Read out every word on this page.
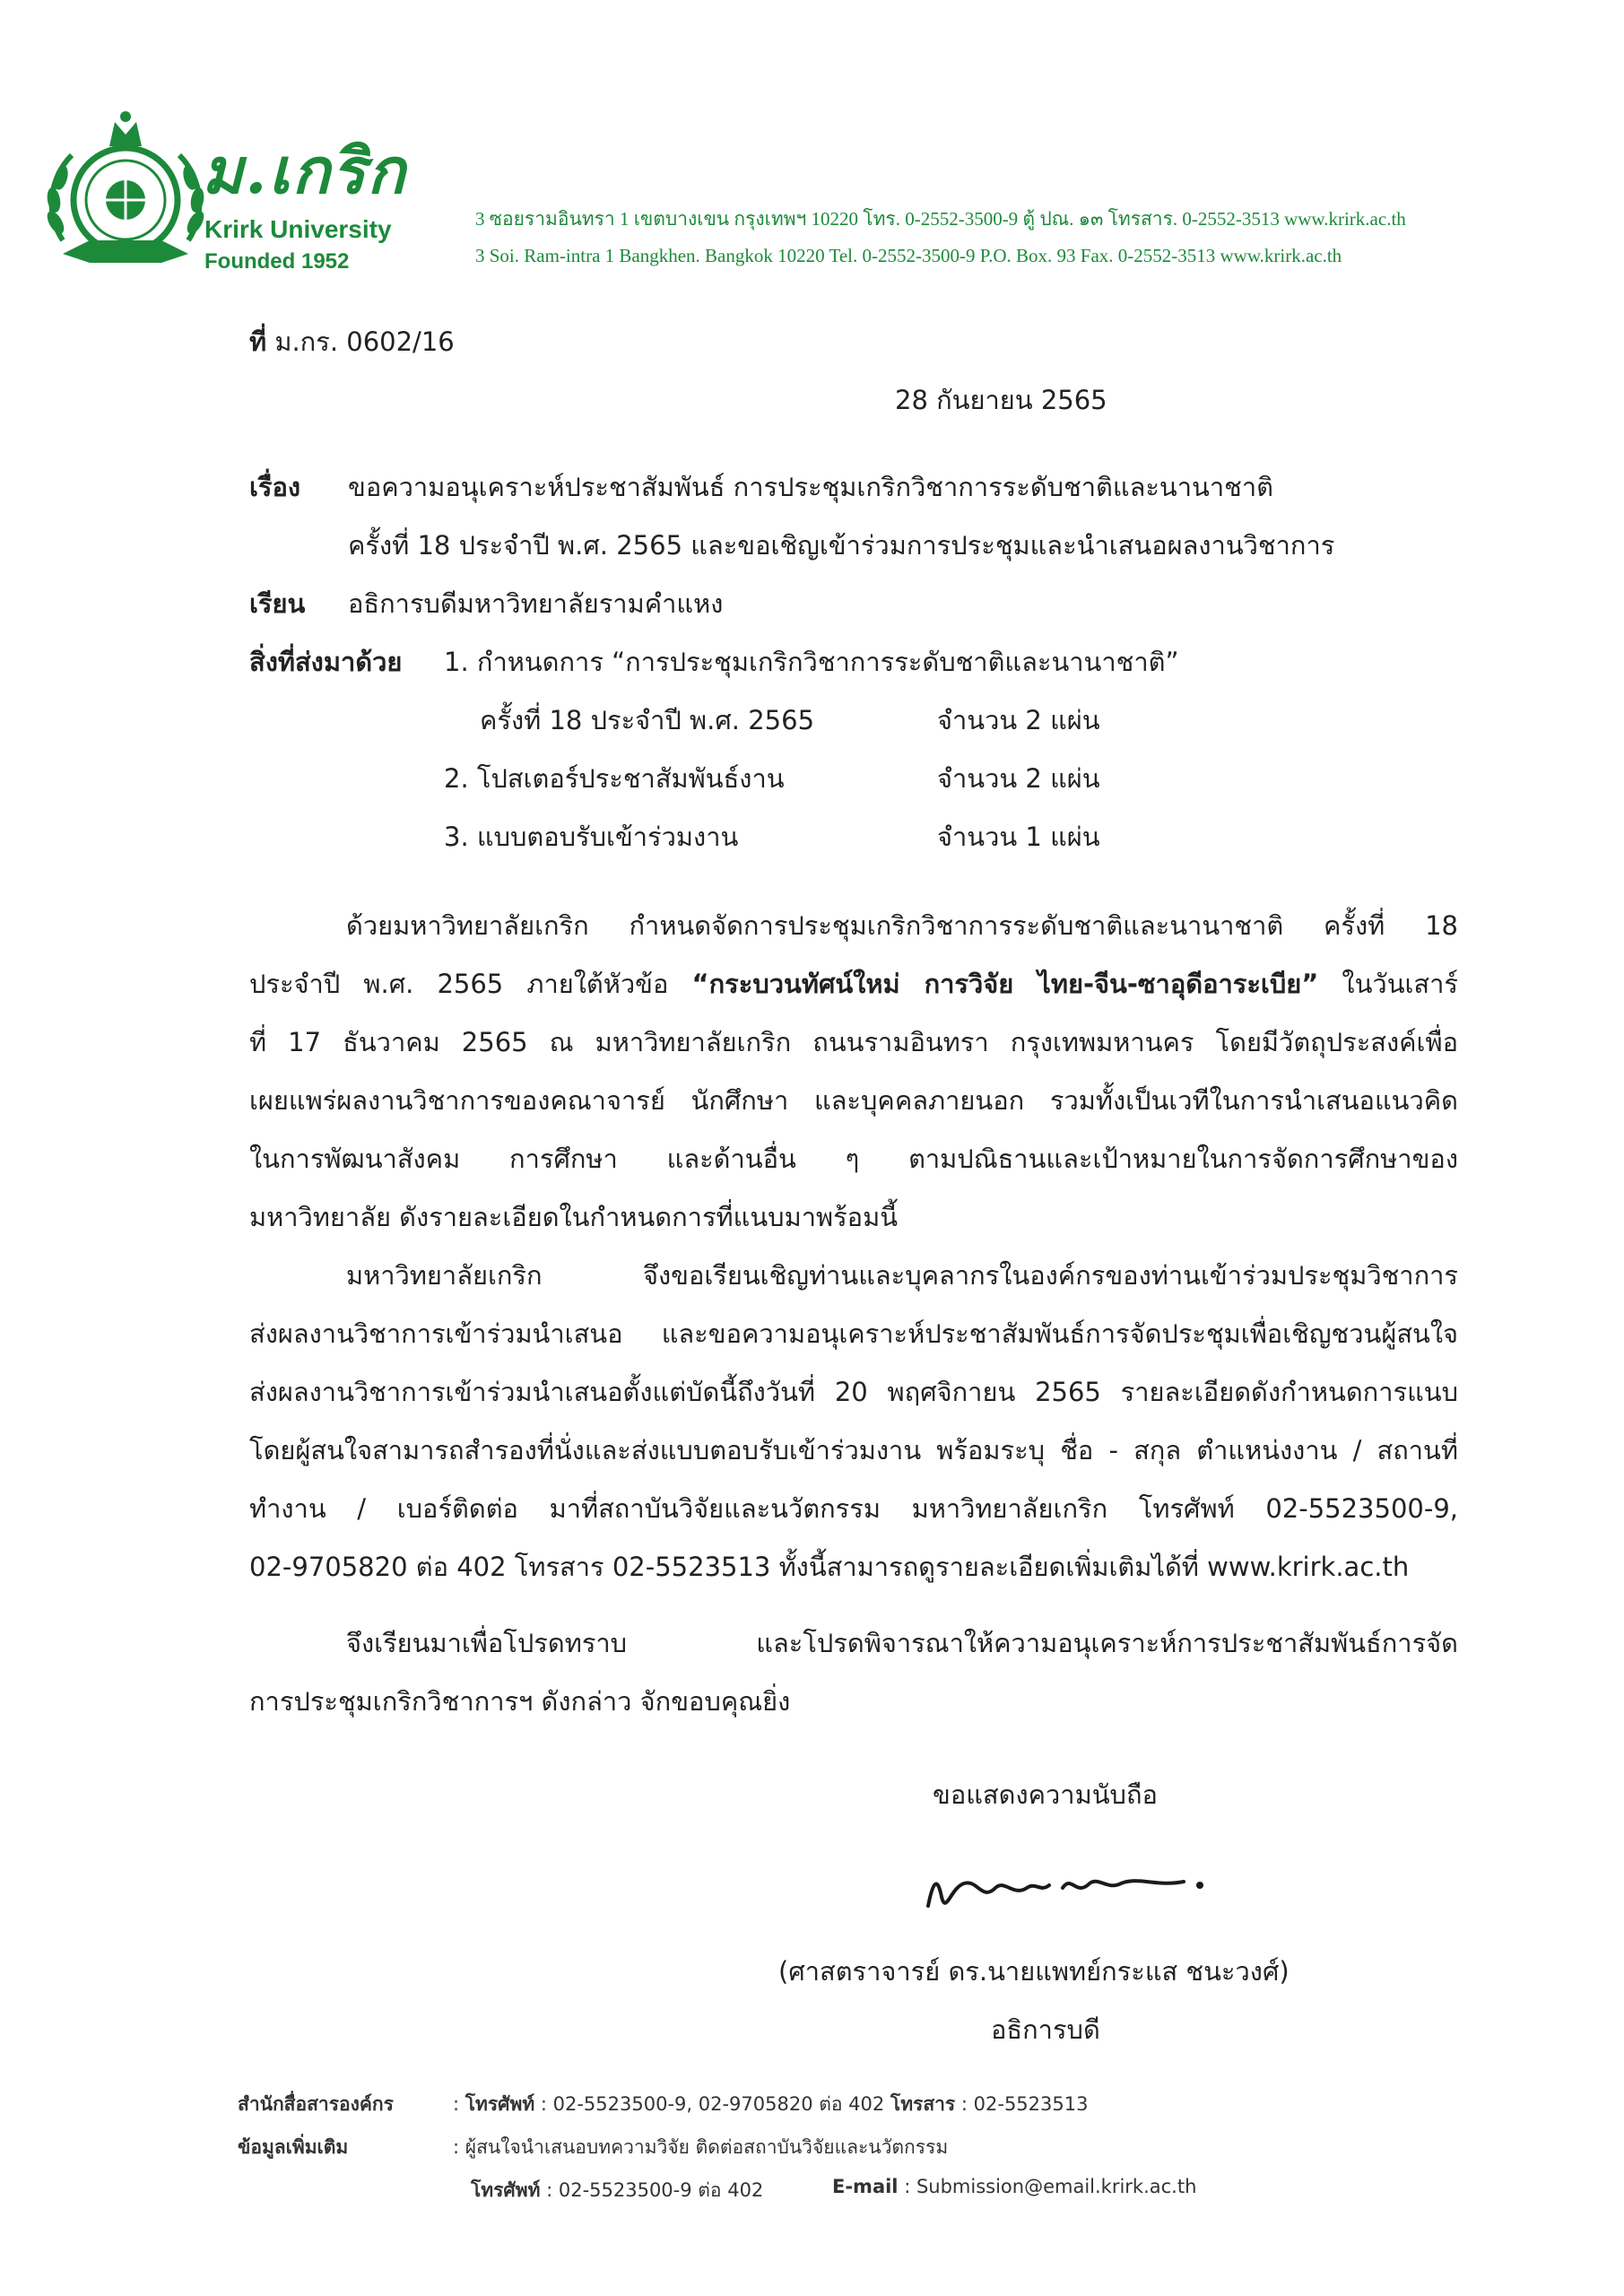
ม.เกริก
Krirk University
Founded 1952
3 ซอยรามอินทรา 1 เขตบางเขน กรุงเทพฯ 10220 โทร. 0-2552-3500-9 ตู้ ปณ. ๑๓ โทรสาร. 0-2552-3513 www.krirk.ac.th
3 Soi. Ram-intra 1 Bangkhen. Bangkok 10220 Tel. 0-2552-3500-9 P.O. Box. 93 Fax. 0-2552-3513 www.krirk.ac.th
ที่ ม.กร. 0602/16
28 กันยายน 2565
เรื่อง ขอความอนุเคราะห์ประชาสัมพันธ์ การประชุมเกริกวิชาการระดับชาติและนานาชาติ
ครั้งที่ 18 ประจำปี พ.ศ. 2565 และขอเชิญเข้าร่วมการประชุมและนำเสนอผลงานวิชาการ
เรียน อธิการบดีมหาวิทยาลัยรามคำแหง
สิ่งที่ส่งมาด้วย 1. กำหนดการ “การประชุมเกริกวิชาการระดับชาติและนานาชาติ”
ครั้งที่ 18 ประจำปี พ.ศ. 2565	จำนวน 2 แผ่น
2. โปสเตอร์ประชาสัมพันธ์งาน	จำนวน 2 แผ่น
3. แบบตอบรับเข้าร่วมงาน	จำนวน 1 แผ่น
ด้วยมหาวิทยาลัยเกริก กำหนดจัดการประชุมเกริกวิชาการระดับชาติและนานาชาติ ครั้งที่ 18
ประจำปี พ.ศ. 2565 ภายใต้หัวข้อ “กระบวนทัศน์ใหม่ การวิจัย ไทย-จีน-ซาอุดีอาระเบีย” ในวันเสาร์
ที่ 17 ธันวาคม 2565 ณ มหาวิทยาลัยเกริก ถนนรามอินทรา กรุงเทพมหานคร โดยมีวัตถุประสงค์เพื่อ
เผยแพร่ผลงานวิชาการของคณาจารย์ นักศึกษา และบุคคลภายนอก รวมทั้งเป็นเวทีในการนำเสนอแนวคิด
ในการพัฒนาสังคม การศึกษา และด้านอื่น ๆ ตามปณิธานและเป้าหมายในการจัดการศึกษาของ
มหาวิทยาลัย ดังรายละเอียดในกำหนดการที่แนบมาพร้อมนี้
มหาวิทยาลัยเกริก จึงขอเรียนเชิญท่านและบุคลากรในองค์กรของท่านเข้าร่วมประชุมวิชาการ
ส่งผลงานวิชาการเข้าร่วมนำเสนอ และขอความอนุเคราะห์ประชาสัมพันธ์การจัดประชุมเพื่อเชิญชวนผู้สนใจ
ส่งผลงานวิชาการเข้าร่วมนำเสนอตั้งแต่บัดนี้ถึงวันที่ 20 พฤศจิกายน 2565 รายละเอียดดังกำหนดการแนบ
โดยผู้สนใจสามารถสำรองที่นั่งและส่งแบบตอบรับเข้าร่วมงาน พร้อมระบุ ชื่อ - สกุล ตำแหน่งงาน / สถานที่
ทำงาน / เบอร์ติดต่อ มาที่สถาบันวิจัยและนวัตกรรม มหาวิทยาลัยเกริก โทรศัพท์ 02-5523500-9,
02-9705820 ต่อ 402 โทรสาร 02-5523513 ทั้งนี้สามารถดูรายละเอียดเพิ่มเติมได้ที่ www.krirk.ac.th
จึงเรียนมาเพื่อโปรดทราบ และโปรดพิจารณาให้ความอนุเคราะห์การประชาสัมพันธ์การจัด
การประชุมเกริกวิชาการฯ ดังกล่าว จักขอบคุณยิ่ง
ขอแสดงความนับถือ
(ศาสตราจารย์ ดร.นายแพทย์กระแส ชนะวงศ์)
อธิการบดี
สำนักสื่อสารองค์กร	: โทรศัพท์ : 02-5523500-9, 02-9705820 ต่อ 402 โทรสาร : 02-5523513
ข้อมูลเพิ่มเติม	: ผู้สนใจนำเสนอบทความวิจัย ติดต่อสถาบันวิจัยและนวัตกรรม
โทรศัพท์ : 02-5523500-9 ต่อ 402	E-mail : Submission@email.krirk.ac.th
